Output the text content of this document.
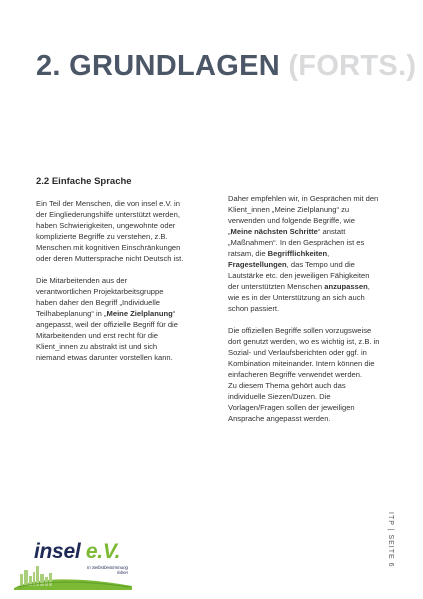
2. GRUNDLAGEN (FORTS.)
2.2 Einfache Sprache

Ein Teil der Menschen, die von insel e.V. in
der Eingliederungshilfe unterstützt werden,
haben Schwierigkeiten, ungewohnte oder
komplizierte Begriffe zu verstehen, z.B.
Menschen mit kognitiven Einschränkungen
oder deren Muttersprache nicht Deutsch ist.

Die Mitarbeitenden aus der
verantwortlichen Projektarbeitsgruppe
haben daher den Begriff „Individuelle
Teilhabeplanung“ in „Meine Zielplanung“
angepasst, weil der offizielle Begriff für die
Mitarbeitenden und erst recht für die
Klient_innen zu abstrakt ist und sich
niemand etwas darunter vorstellen kann.

Daher empfehlen wir, in Gesprächen mit den
Klient_innen „Meine Zielplanung“ zu
verwenden und folgende Begriffe, wie
„Meine nächsten Schritte“ anstatt
„Maßnahmen“. In den Gesprächen ist es
ratsam, die Begrifflichkeiten,
Fragestellungen, das Tempo und die
Lautstärke etc. den jeweiligen Fähigkeiten
der unterstützten Menschen anzupassen,
wie es in der Unterstützung an sich auch
schon passiert.

Die offiziellen Begriffe sollen vorzugsweise
dort genutzt werden, wo es wichtig ist, z.B. in
Sozial- und Verlaufsberichten oder ggf. in
Kombination miteinander. Intern können die
einfacheren Begriffe verwendet werden.
Zu diesem Thema gehört auch das
individuelle Siezen/Duzen. Die
Vorlagen/Fragen sollen der jeweiligen
Ansprache angepasst werden.

ITP | SEITE 6
insel e.V.
In Selbstbestimmung
leben
